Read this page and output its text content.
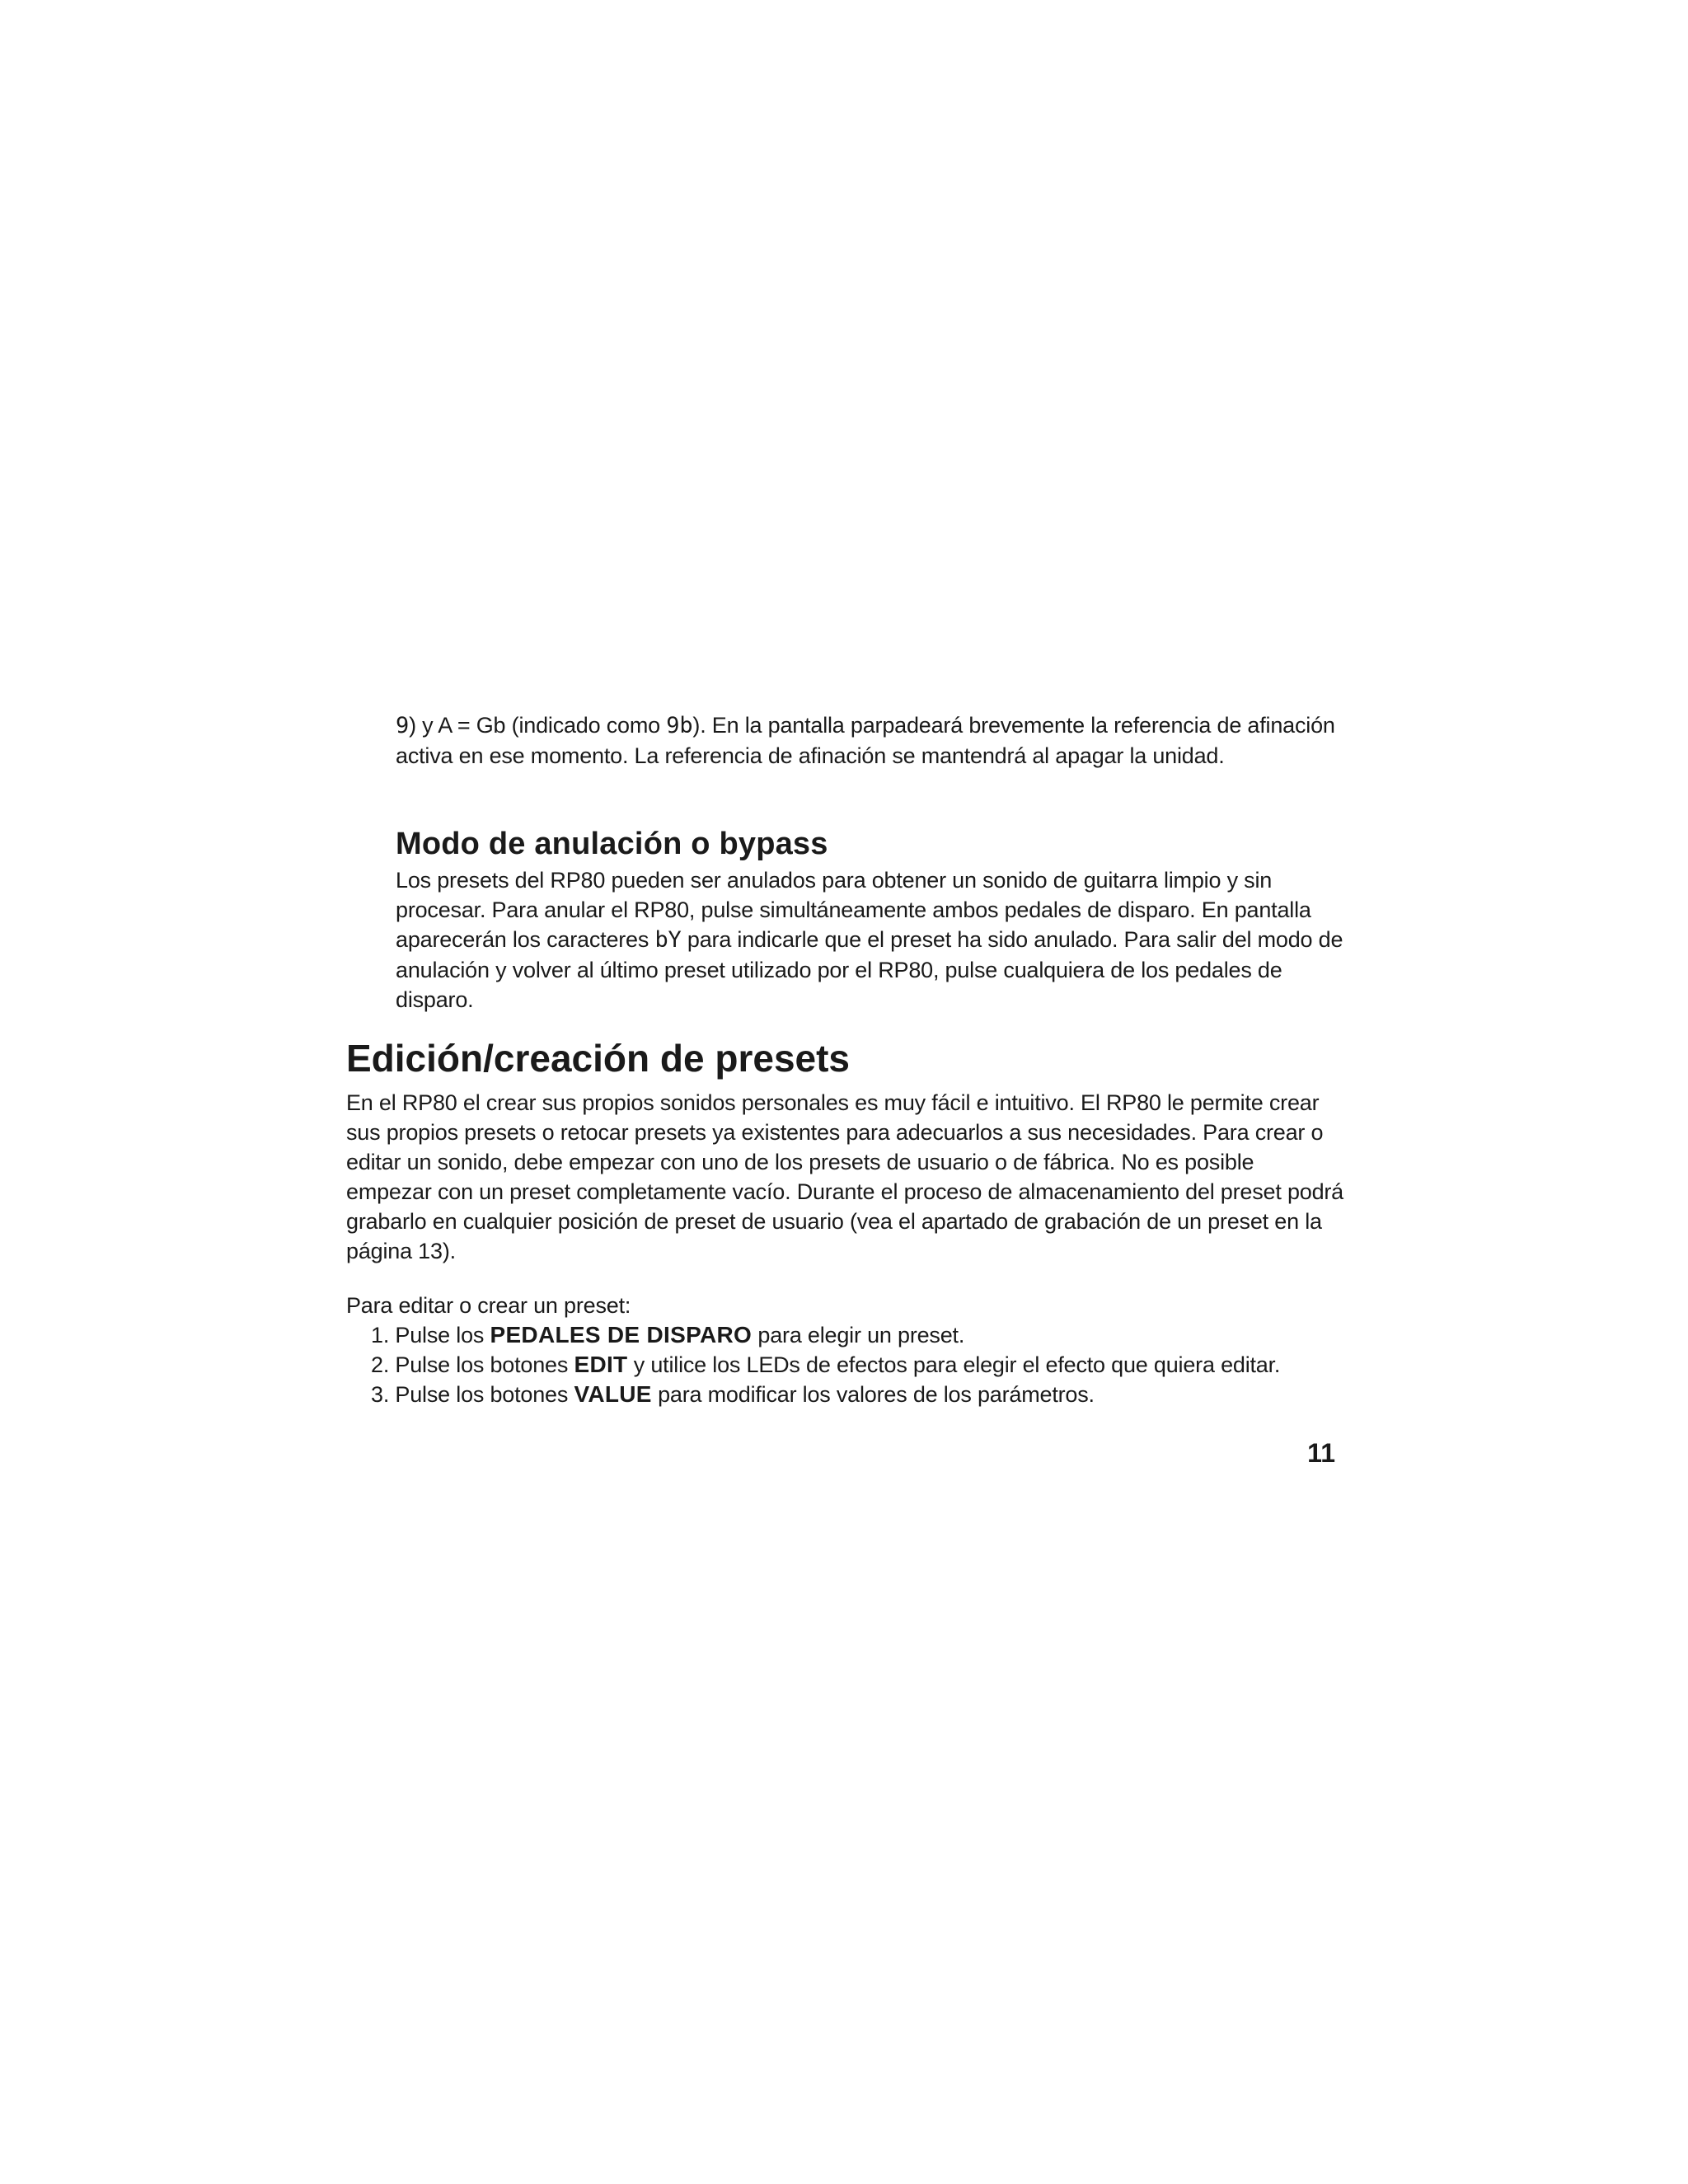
9) y A = Gb (indicado como 9b). En la pantalla parpadeará brevemente la referencia de afinación activa en ese momento. La referencia de afinación se mantendrá al apagar la unidad.

Modo de anulación o bypass

Los presets del RP80 pueden ser anulados para obtener un sonido de guitarra limpio y sin procesar. Para anular el RP80, pulse simultáneamente ambos pedales de disparo. En pantalla aparecerán los caracteres bY para indicarle que el preset ha sido anulado. Para salir del modo de anulación y volver al último preset utilizado por el RP80, pulse cualquiera de los pedales de disparo.

Edición/creación de presets

En el RP80 el crear sus propios sonidos personales es muy fácil e intuitivo. El RP80 le permite crear sus propios presets o retocar presets ya existentes para adecuarlos a sus necesidades. Para crear o editar un sonido, debe empezar con uno de los presets de usuario o de fábrica. No es posible empezar con un preset completamente vacío. Durante el proceso de almacenamiento del preset podrá grabarlo en cualquier posición de preset de usuario (vea el apartado de grabación de un preset en la página 13).

Para editar o crear un preset:
1. Pulse los PEDALES DE DISPARO para elegir un preset.
2. Pulse los botones EDIT y utilice los LEDs de efectos para elegir el efecto que quiera editar.
3. Pulse los botones VALUE para modificar los valores de los parámetros.
11
